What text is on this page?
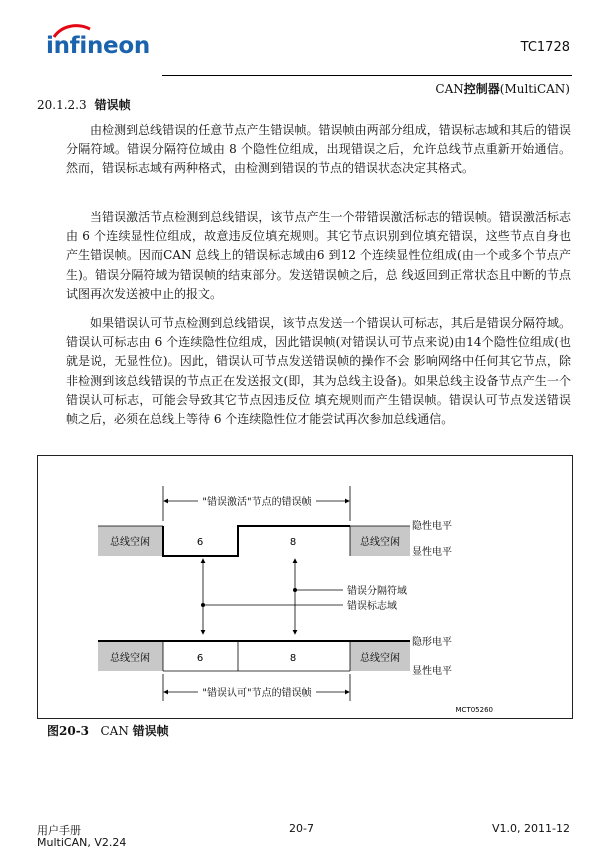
infineon	TC1728
CAN控制器(MultiCAN)
20.1.2.3 错误帧
由检测到总线错误的任意节点产生错误帧。错误帧由两部分组成，错误标志域和其后的错误分隔符域。错误分隔符位域由 8 个隐性位组成，出现错误之后，允许总线节点重新开始通信。然而，错误标志域有两种格式，由检测到错误的节点的错误状态决定其格式。
当错误激活节点检测到总线错误，该节点产生一个带错误激活标志的错误帧。错误激活标志由 6 个连续显性位组成，故意违反位填充规则。其它节点识别到位填充错误，这些节点自身也产生错误帧。因而CAN 总线上的错误标志域由6 到12 个连续显性位组成(由一个或多个节点产生)。错误分隔符域为错误帧的结束部分。发送错误帧之后，总 线返回到正常状态且中断的节点试图再次发送被中止的报文。
如果错误认可节点检测到总线错误，该节点发送一个错误认可标志，其后是错误分隔符域。错误认可标志由 6 个连续隐性位组成，因此错误帧(对错误认可节点来说)由14个隐性位组成(也就是说，无显性位)。因此，错误认可节点发送错误帧的操作不会 影响网络中任何其它节点，除非检测到该总线错误的节点正在发送报文(即，其为总线主设备)。如果总线主设备节点产生一个错误认可标志，可能会导致其它节点因违反位 填充规则而产生错误帧。错误认可节点发送错误帧之后，必须在总线上等待 6 个连续隐性位才能尝试再次参加总线通信。
"错误激活"节点的错误帧
总线空闲	总线空闲
6	8
隐性电平
显性电平
错误分隔符域
错误标志域
总线空闲	总线空闲
6	8
隐形电平
显性电平
"错误认可"节点的错误帧
MCT05260
图20-3 CAN 错误帧
用户手册
MultiCAN, V2.24
20-7	V1.0, 2011-12
